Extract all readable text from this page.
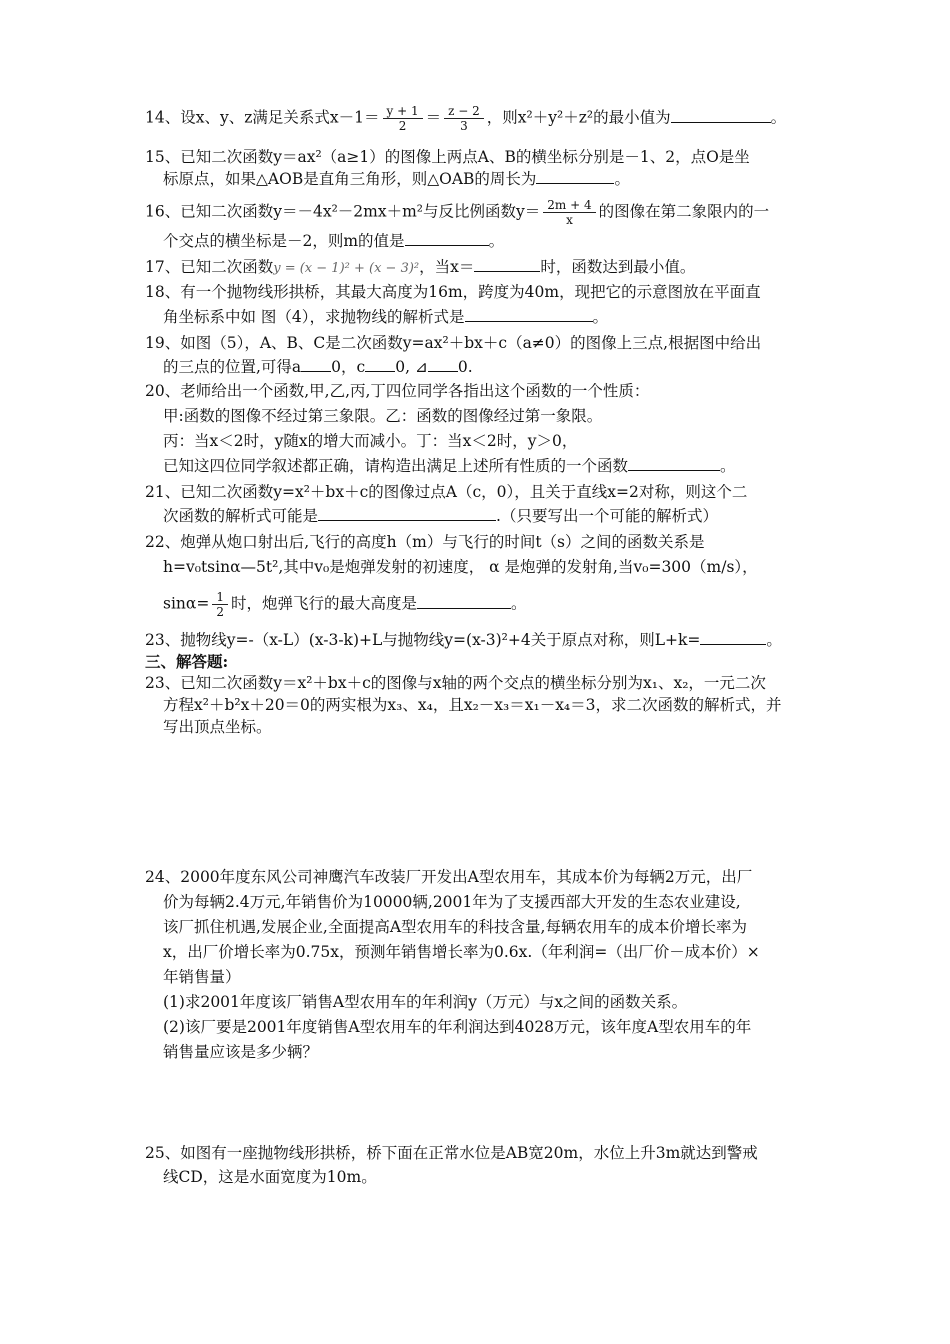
14、设x、y、z满足关系式$x-1= \frac{y + 1}{2} = \frac{z - 2}{3}$ ，则x²＋y²＋z²的最小值为	。
15、已知二次函数y＝ax²（a≥1）的图像上两点A、B的横坐标分别是－1、2，点O是坐
标原点，如果△AOB是直角三角形，则△OAB的周长为	。
16、已知二次函数y＝－4x²－2mx＋m²与反比例函数$y= \frac{2m + 4}{x}$ 的图像在第二象限内的一
个交点的横坐标是－2，则m的值是	。
17、已知二次函数y = (x − 1)² + (x − 3)²，当x＝	时，函数达到最小值。
18、有一个抛物线形拱桥，其最大高度为16m，跨度为40m，现把它的示意图放在平面直
角坐标系中如 图（4），求抛物线的解析式是	。
19、如图（5），A、B、C是二次函数y=ax²＋bx＋c（a≠0）的图像上三点,根据图中给出
的三点的位置,可得a 0，c 0, ⊿ 0.
20、老师给出一个函数,甲,乙,丙,丁四位同学各指出这个函数的一个性质：
甲:函数的图像不经过第三象限。乙：函数的图像经过第一象限。
丙：当x＜2时，y随x的增大而减小。丁：当x＜2时，y＞0，
已知这四位同学叙述都正确，请构造出满足上述所有性质的一个函数	。
21、已知二次函数y=x²＋bx＋c的图像过点A（c，0），且关于直线x=2对称，则这个二
次函数的解析式可能是	.（只要写出一个可能的解析式）
22、炮弹从炮口射出后,飞行的高度h（m）与飞行的时间t（s）之间的函数关系是
h=v₀tsinα—5t²,其中v₀是炮弹发射的初速度， α 是炮弹的发射角,当v₀=300（m/s），
$\sin\alpha= \frac{1}{2}$ 时，炮弹飞行的最大高度是	。
23、抛物线y=-（x-L）(x-3-k)+L与抛物线y=(x-3)²+4关于原点对称，则L+k=	。
三、解答题:
23、已知二次函数y＝x²＋bx＋c的图像与x轴的两个交点的横坐标分别为x₁、x₂，一元二次
方程x²＋b²x＋20＝0的两实根为x₃、x₄，且x₂－x₃＝x₁－x₄＝3，求二次函数的解析式，并
写出顶点坐标。
24、2000年度东风公司神鹰汽车改装厂开发出A型农用车，其成本价为每辆2万元，出厂
价为每辆2.4万元,年销售价为10000辆,2001年为了支援西部大开发的生态农业建设,
该厂抓住机遇,发展企业,全面提高A型农用车的科技含量,每辆农用车的成本价增长率为
x，出厂价增长率为0.75x，预测年销售增长率为0.6x.（年利润=（出厂价－成本价）×
年销售量）
(1)求2001年度该厂销售A型农用车的年利润y（万元）与x之间的函数关系。
(2)该厂要是2001年度销售A型农用车的年利润达到4028万元，该年度A型农用车的年
销售量应该是多少辆？
25、如图有一座抛物线形拱桥，桥下面在正常水位是AB宽20m，水位上升3m就达到警戒
线CD，这是水面宽度为10m。
